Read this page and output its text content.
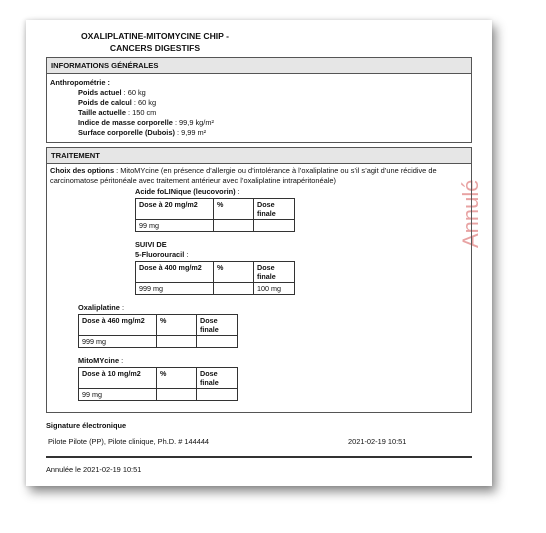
OXALIPLATINE-MITOMYCINE CHIP - CANCERS DIGESTIFS
Annulé
INFORMATIONS GÉNÉRALES
Anthropométrie :
Poids actuel : 60 kg
Poids de calcul : 60 kg
Taille actuelle : 150 cm
Indice de masse corporelle : 99,9 kg/m²
Surface corporelle (Dubois) : 9,99 m²
TRAITEMENT
Choix des options : MitoMYcine (en présence d’allergie ou d’intolérance à l’oxaliplatine ou s’il s’agit d’une récidive de
carcinomatose péritonéale avec traitement antérieur avec l’oxaliplatine intrapéritonéale)
Acide foLINique (leucovorin) :
Dose à 20 mg/m2	%	Dose
finale
99 mg		
SUIVI DE
5-Fluorouracil :
Dose à 400 mg/m2	%	Dose
finale
999 mg		100 mg
Oxaliplatine :
Dose à 460 mg/m2	%	Dose
finale
999 mg		
MitoMYcine :
Dose à 10 mg/m2	%	Dose
finale
99 mg		
Signature électronique
Pilote Pilote (PP), Pilote clinique, Ph.D. # 144444	2021-02-19 10:51
Annulée le 2021-02-19 10:51
